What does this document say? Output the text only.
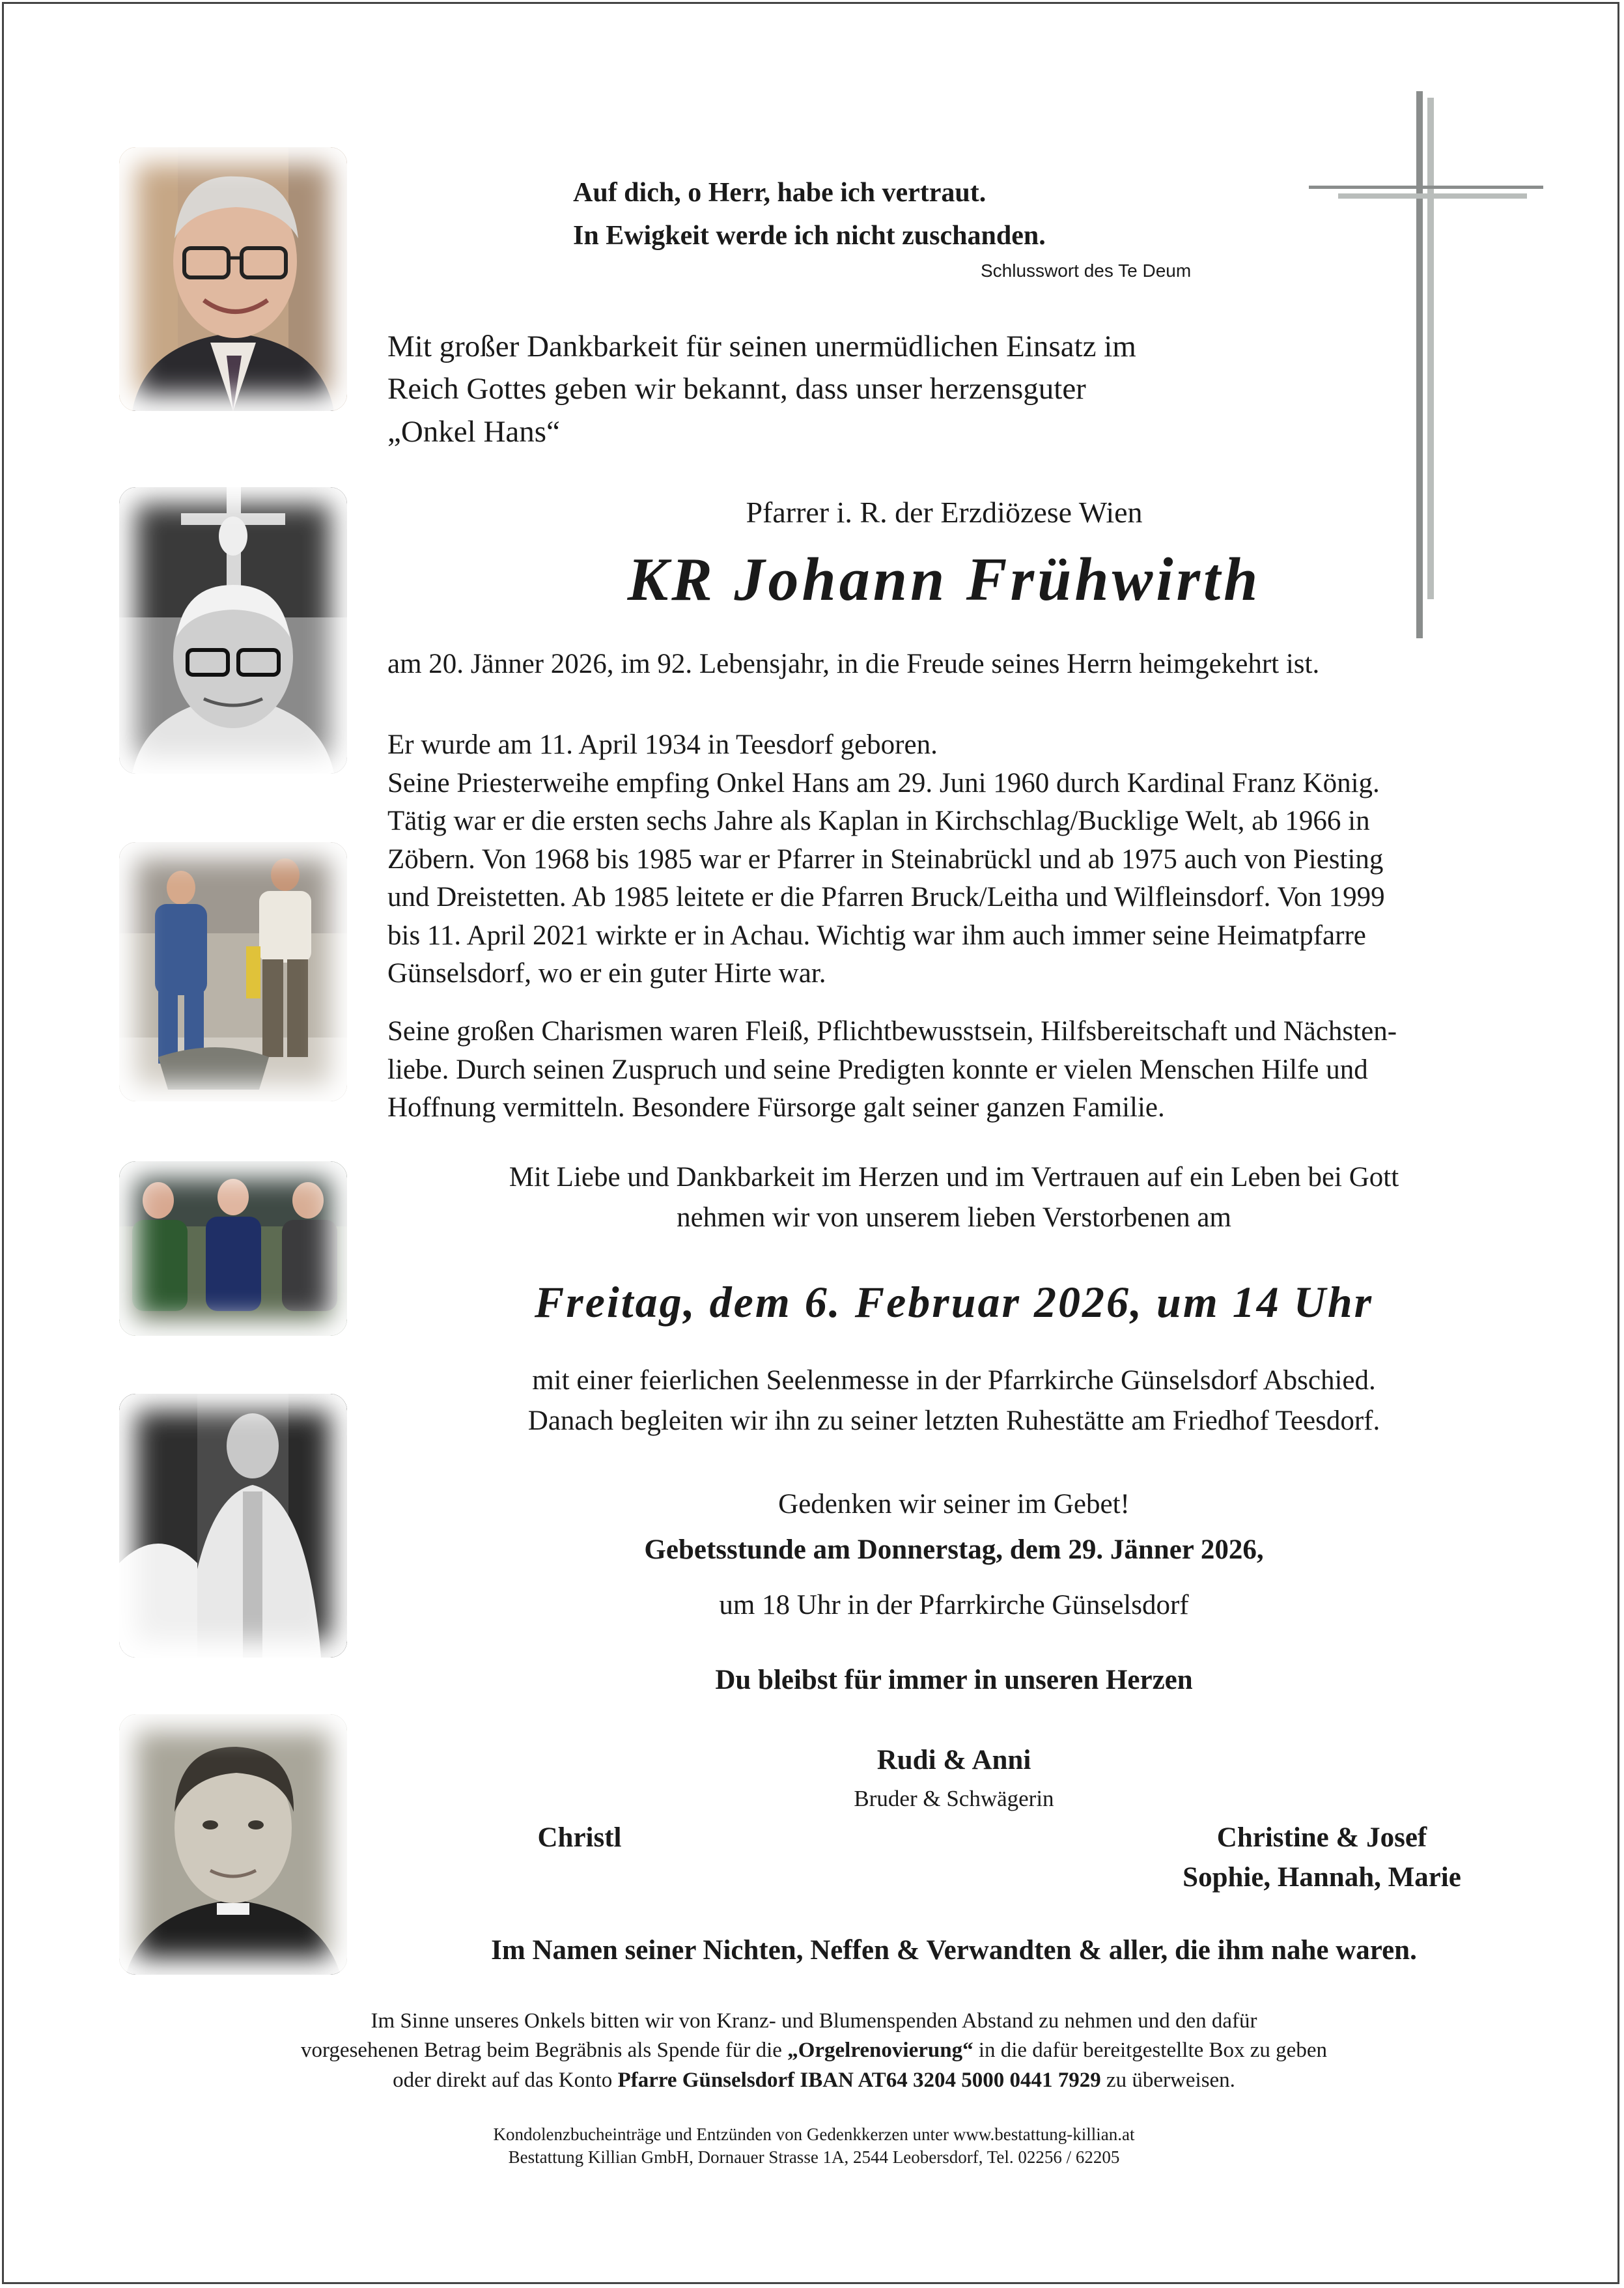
Auf dich, o Herr, habe ich vertraut.
In Ewigkeit werde ich nicht zuschanden.
Schlusswort des Te Deum
Mit großer Dankbarkeit für seinen unermüdlichen Einsatz im
Reich Gottes geben wir bekannt, dass unser herzensguter
„Onkel Hans“
Pfarrer i. R. der Erzdiözese Wien
KR Johann Frühwirth
am 20. Jänner 2026, im 92. Lebensjahr, in die Freude seines Herrn heimgekehrt ist.

Er wurde am 11. April 1934 in Teesdorf geboren.

Seine Priesterweihe empfing Onkel Hans am 29. Juni 1960 durch Kardinal Franz König.

Tätig war er die ersten sechs Jahre als Kaplan in Kirchschlag/Bucklige Welt, ab 1966 in

Zöbern. Von 1968 bis 1985 war er Pfarrer in Steinabrückl und ab 1975 auch von Piesting

und Dreistetten. Ab 1985 leitete er die Pfarren Bruck/Leitha und Wilfleinsdorf. Von 1999

bis 11. April 2021 wirkte er in Achau. Wichtig war ihm auch immer seine Heimatpfarre

Günselsdorf, wo er ein guter Hirte war.

Seine großen Charismen waren Fleiß, Pflichtbewusstsein, Hilfsbereitschaft und Nächsten-

liebe. Durch seinen Zuspruch und seine Predigten konnte er vielen Menschen Hilfe und

Hoffnung vermitteln. Besondere Fürsorge galt seiner ganzen Familie.

Mit Liebe und Dankbarkeit im Herzen und im Vertrauen auf ein Leben bei Gott
nehmen wir von unserem lieben Verstorbenen am
Freitag, dem 6. Februar 2026, um 14 Uhr
mit einer feierlichen Seelenmesse in der Pfarrkirche Günselsdorf Abschied.
Danach begleiten wir ihn zu seiner letzten Ruhestätte am Friedhof Teesdorf.
Gedenken wir seiner im Gebet!
Gebetsstunde am Donnerstag, dem 29. Jänner 2026,
um 18 Uhr in der Pfarrkirche Günselsdorf
Du bleibst für immer in unseren Herzen
Rudi & Anni
Bruder & Schwägerin
Christl	Christine & Josef
Sophie, Hannah, Marie
Im Namen seiner Nichten, Neffen & Verwandten & aller, die ihm nahe waren.
Im Sinne unseres Onkels bitten wir von Kranz- und Blumenspenden Abstand zu nehmen und den dafür
vorgesehenen Betrag beim Begräbnis als Spende für die „Orgelrenovierung“ in die dafür bereitgestellte Box zu geben
oder direkt auf das Konto Pfarre Günselsdorf IBAN AT64 3204 5000 0441 7929 zu überweisen.
Kondolenzbucheinträge und Entzünden von Gedenkkerzen unter www.bestattung-killian.at
Bestattung Killian GmbH, Dornauer Strasse 1A, 2544 Leobersdorf, Tel. 02256 / 62205
